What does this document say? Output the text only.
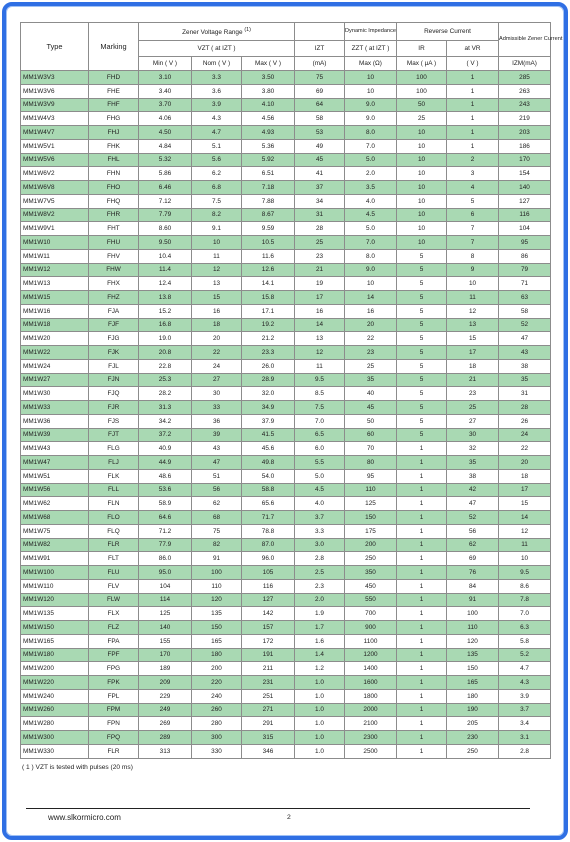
Type	Marking	Zener Voltage Range $^{(1)}$				Dynamic Impedance	Reverse Current		Admissible Zener Current
		VZT ( at IZT )			IZT	ZZT ( at IZT )	IR	at VR	
		Min ( V )	Nom ( V )	Max ( V )	(mA)	Max (Ω)	Max ( μA )	( V )	IZM(mA)
MM1W3V3	FHD	3.10	3.3	3.50	75	10	100	1	285
MM1W3V6	FHE	3.40	3.6	3.80	69	10	100	1	263
MM1W3V9	FHF	3.70	3.9	4.10	64	9.0	50	1	243
MM1W4V3	FHG	4.06	4.3	4.56	58	9.0	25	1	219
MM1W4V7	FHJ	4.50	4.7	4.93	53	8.0	10	1	203
MM1W5V1	FHK	4.84	5.1	5.36	49	7.0	10	1	186
MM1W5V6	FHL	5.32	5.6	5.92	45	5.0	10	2	170
MM1W6V2	FHN	5.86	6.2	6.51	41	2.0	10	3	154
MM1W6V8	FHO	6.46	6.8	7.18	37	3.5	10	4	140
MM1W7V5	FHQ	7.12	7.5	7.88	34	4.0	10	5	127
MM1W8V2	FHR	7.79	8.2	8.67	31	4.5	10	6	116
MM1W9V1	FHT	8.60	9.1	9.59	28	5.0	10	7	104
MM1W10	FHU	9.50	10	10.5	25	7.0	10	7	95
MM1W11	FHV	10.4	11	11.6	23	8.0	5	8	86
MM1W12	FHW	11.4	12	12.6	21	9.0	5	9	79
MM1W13	FHX	12.4	13	14.1	19	10	5	10	71
MM1W15	FHZ	13.8	15	15.8	17	14	5	11	63
MM1W16	FJA	15.2	16	17.1	16	16	5	12	58
MM1W18	FJF	16.8	18	19.2	14	20	5	13	52
MM1W20	FJG	19.0	20	21.2	13	22	5	15	47
MM1W22	FJK	20.8	22	23.3	12	23	5	17	43
MM1W24	FJL	22.8	24	26.0	11	25	5	18	38
MM1W27	FJN	25.3	27	28.9	9.5	35	5	21	35
MM1W30	FJQ	28.2	30	32.0	8.5	40	5	23	31
MM1W33	FJR	31.3	33	34.9	7.5	45	5	25	28
MM1W36	FJS	34.2	36	37.9	7.0	50	5	27	26
MM1W39	FJT	37.2	39	41.5	6.5	60	5	30	24
MM1W43	FLG	40.9	43	45.6	6.0	70	1	32	22
MM1W47	FLJ	44.9	47	49.8	5.5	80	1	35	20
MM1W51	FLK	48.6	51	54.0	5.0	95	1	38	18
MM1W56	FLL	53.6	56	58.8	4.5	110	1	42	17
MM1W62	FLN	58.9	62	65.6	4.0	125	1	47	15
MM1W68	FLO	64.6	68	71.7	3.7	150	1	52	14
MM1W75	FLQ	71.2	75	78.8	3.3	175	1	56	12
MM1W82	FLR	77.9	82	87.0	3.0	200	1	62	11
MM1W91	FLT	86.0	91	96.0	2.8	250	1	69	10
MM1W100	FLU	95.0	100	105	2.5	350	1	76	9.5
MM1W110	FLV	104	110	116	2.3	450	1	84	8.6
MM1W120	FLW	114	120	127	2.0	550	1	91	7.8
MM1W135	FLX	125	135	142	1.9	700	1	100	7.0
MM1W150	FLZ	140	150	157	1.7	900	1	110	6.3
MM1W165	FPA	155	165	172	1.6	1100	1	120	5.8
MM1W180	FPF	170	180	191	1.4	1200	1	135	5.2
MM1W200	FPG	189	200	211	1.2	1400	1	150	4.7
MM1W220	FPK	209	220	231	1.0	1600	1	165	4.3
MM1W240	FPL	229	240	251	1.0	1800	1	180	3.9
MM1W260	FPM	249	260	271	1.0	2000	1	190	3.7
MM1W280	FPN	269	280	291	1.0	2100	1	205	3.4
MM1W300	FPQ	289	300	315	1.0	2300	1	230	3.1
MM1W330	FLR	313	330	346	1.0	2500	1	250	2.8
( 1 ) VZT is tested with pulses (20 ms)
www.slkormicro.com	2
